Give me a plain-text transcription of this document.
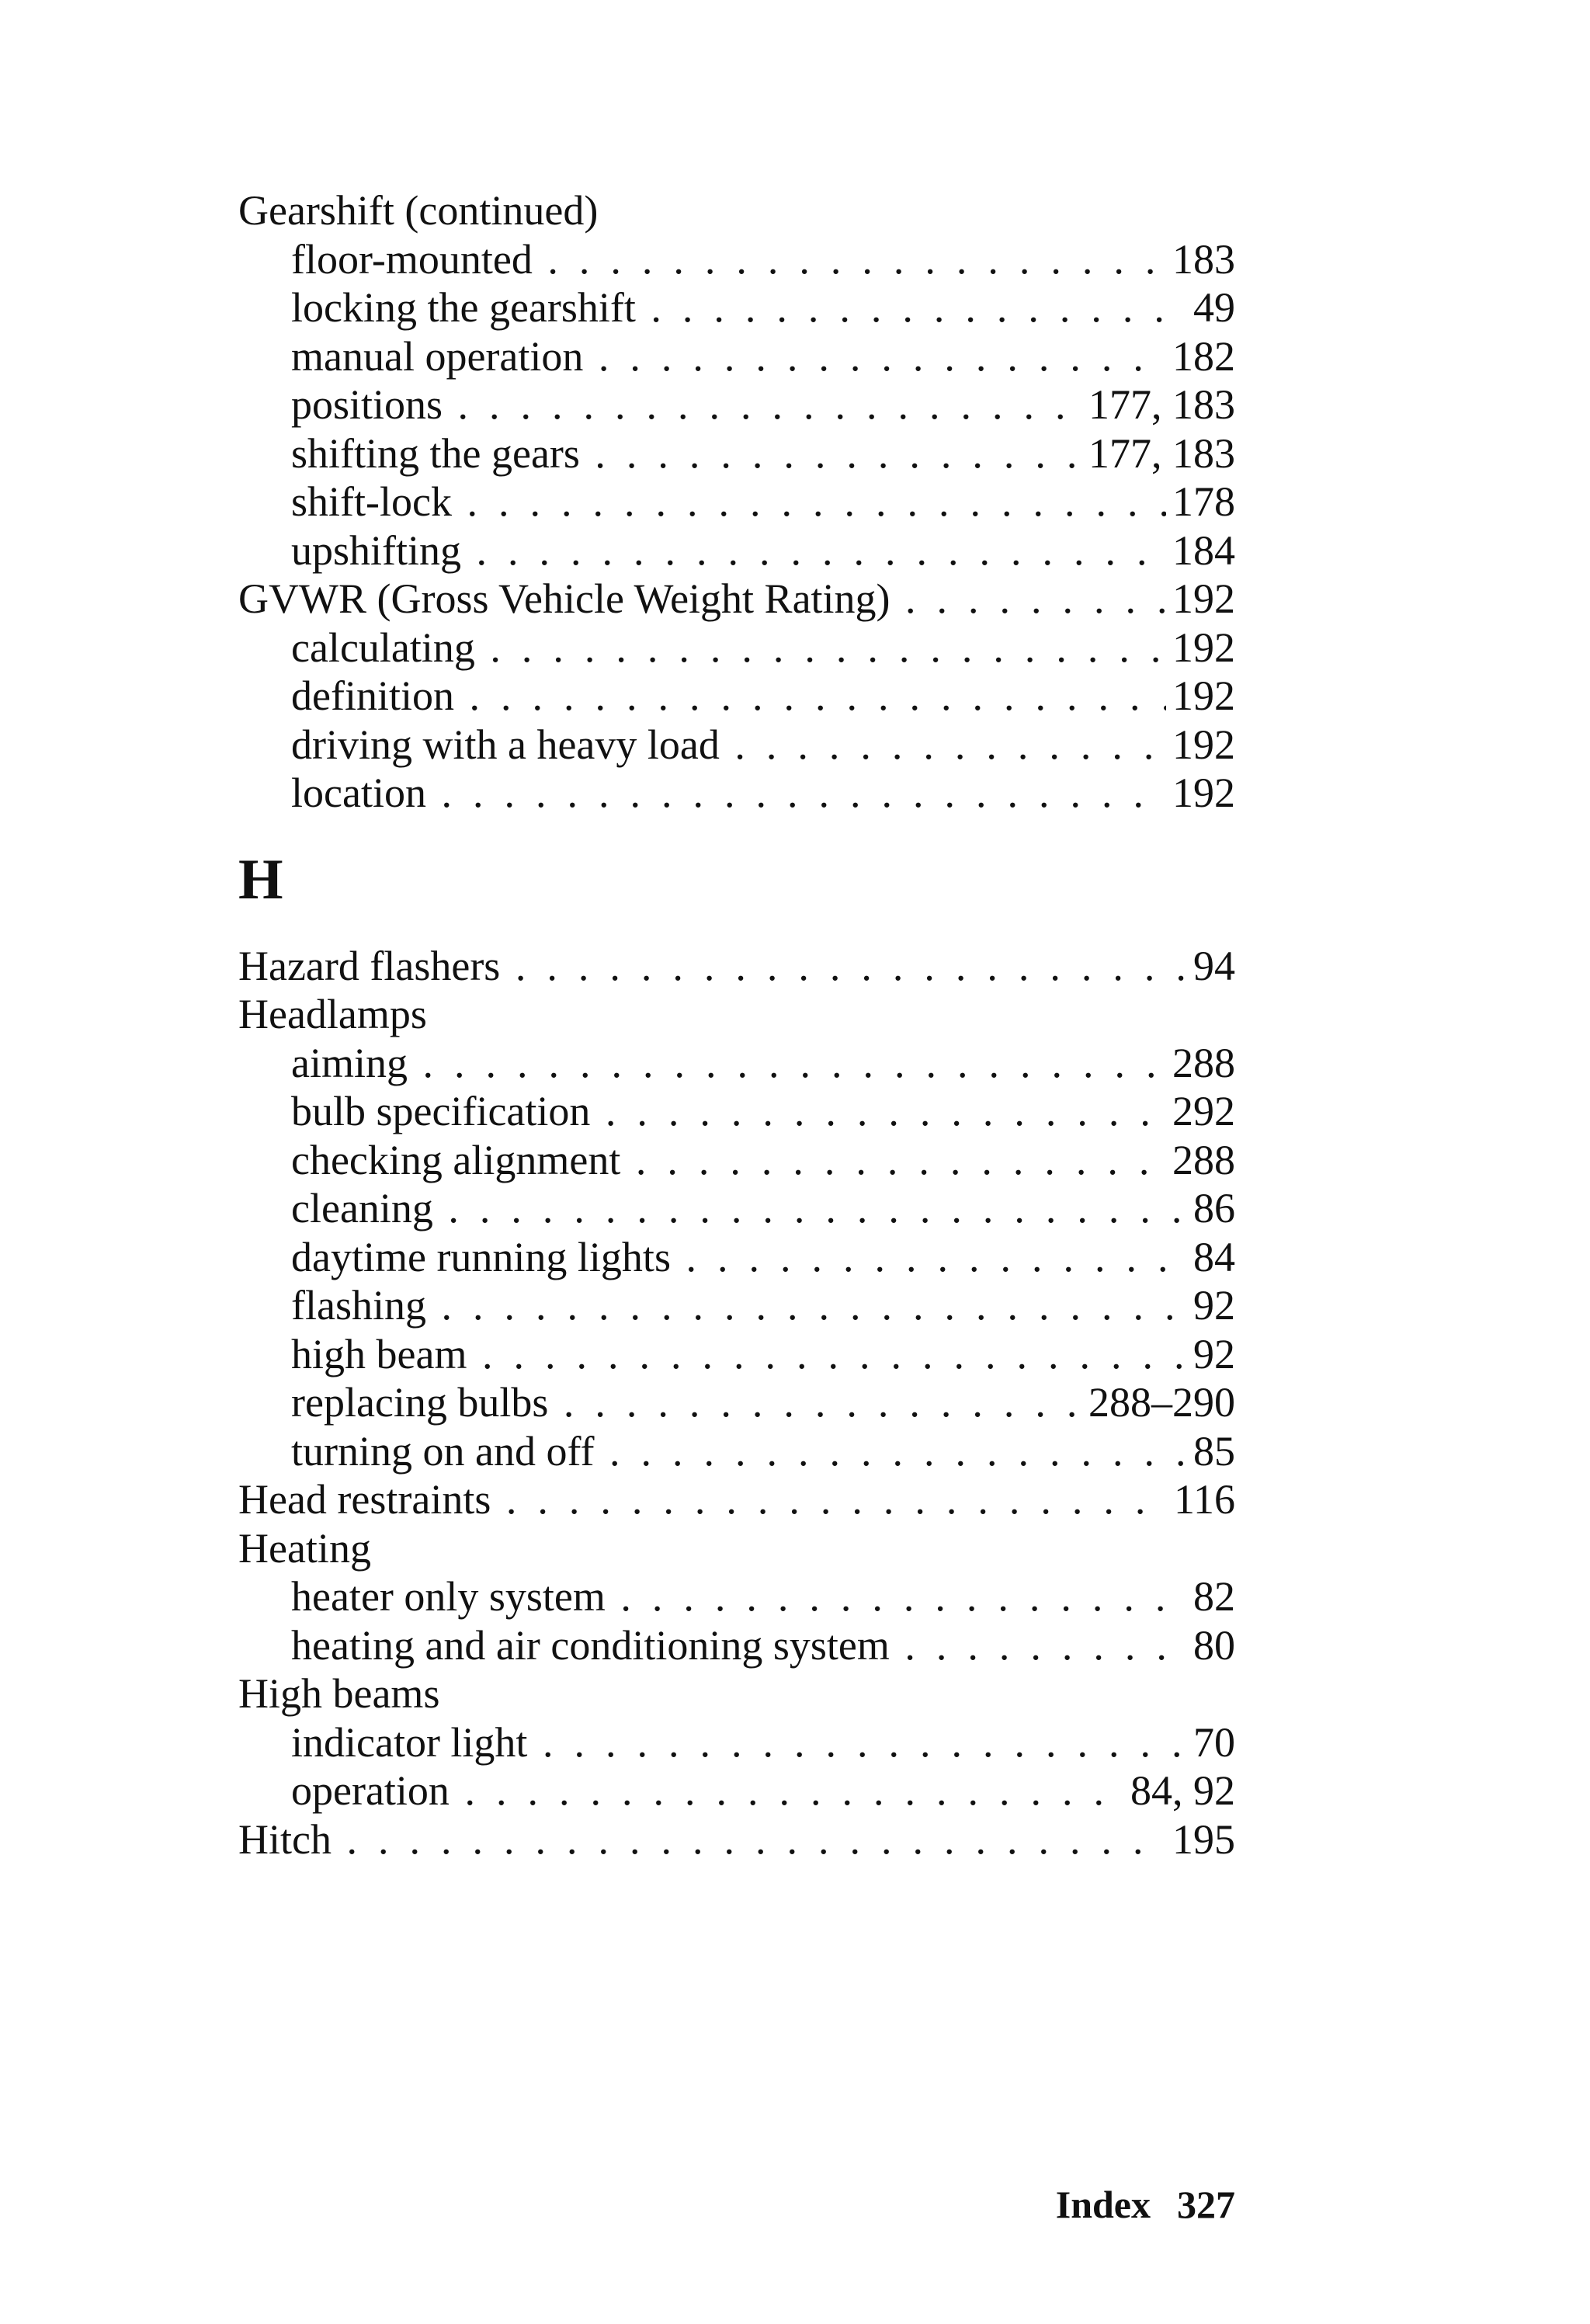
Gearshift (continued)
floor-mounted . .	183
locking the gearshift . .	49
manual operation . .	182
positions . .	177, 183
shifting the gears . .	177, 183
shift-lock . .	178
upshifting . .	184
GVWR (Gross Vehicle Weight Rating) . .	192
calculating . .	192
definition . .	192
driving with a heavy load . .	192
location . .	192
H
Hazard flashers . .	94
Headlamps
aiming . .	288
bulb specification . .	292
checking alignment . .	288
cleaning . .	86
daytime running lights . .	84
flashing . .	92
high beam . .	92
replacing bulbs . .	288–290
turning on and off . .	85
Head restraints . .	116
Heating
heater only system . .	82
heating and air conditioning system . .	80
High beams
indicator light . .	70
operation . .	84, 92
Hitch . .	195
Index 327
